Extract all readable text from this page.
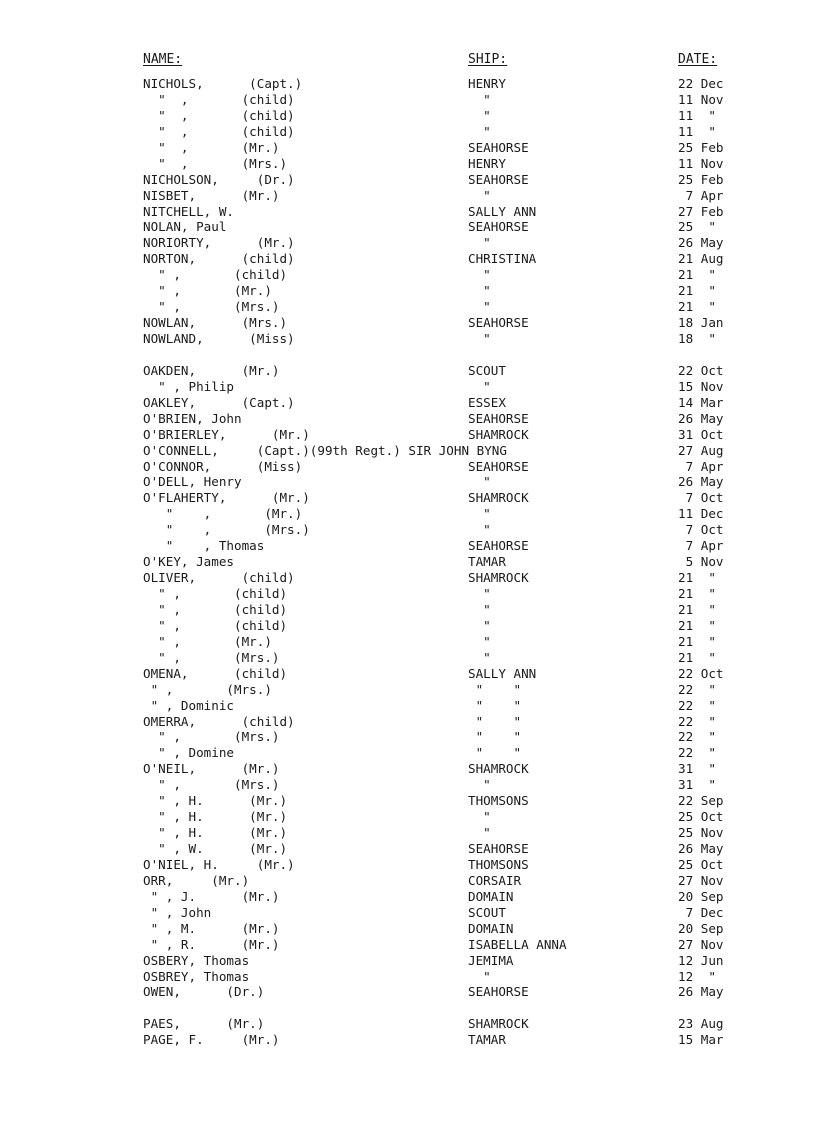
NAME:	SHIP:	DATE:
NICHOLS,      (Capt.)	HENRY	22 Dec
"  ,       (child)	"	11 Nov
"  ,       (child)	"	11  "
"  ,       (child)	"	11  "
"  ,       (Mr.)	SEAHORSE	25 Feb
"  ,       (Mrs.)	HENRY	11 Nov
NICHOLSON,     (Dr.)	SEAHORSE	25 Feb
NISBET,      (Mr.)	"	7 Apr
NITCHELL, W.	SALLY ANN	27 Feb
NOLAN, Paul	SEAHORSE	25  "
NORIORTY,      (Mr.)	"	26 May
NORTON,      (child)	CHRISTINA	21 Aug
" ,       (child)	"	21  "
" ,       (Mr.)	"	21  "
" ,       (Mrs.)	"	21  "
NOWLAN,      (Mrs.)	SEAHORSE	18 Jan
NOWLAND,      (Miss)	"	18  "
OAKDEN,      (Mr.)	SCOUT	22 Oct
" , Philip	"	15 Nov
OAKLEY,      (Capt.)	ESSEX	14 Mar
O'BRIEN, John	SEAHORSE	26 May
O'BRIERLEY,      (Mr.)	SHAMROCK	31 Oct
O'CONNELL,     (Capt.)(99th Regt.) SIR JOHN BYNG	27 Aug
O'CONNOR,      (Miss)	SEAHORSE	7 Apr
O'DELL, Henry	"	26 May
O'FLAHERTY,      (Mr.)	SHAMROCK	7 Oct
"    ,       (Mr.)	"	11 Dec
"    ,       (Mrs.)	"	7 Oct
"    , Thomas	SEAHORSE	7 Apr
O'KEY, James	TAMAR	5 Nov
OLIVER,      (child)	SHAMROCK	21  "
" ,       (child)	"	21  "
" ,       (child)	"	21  "
" ,       (child)	"	21  "
" ,       (Mr.)	"	21  "
" ,       (Mrs.)	"	21  "
OMENA,      (child)	SALLY ANN	22 Oct
" ,       (Mrs.)	"    "	22  "
" , Dominic	"    "	22  "
OMERRA,      (child)	"    "	22  "
" ,       (Mrs.)	"    "	22  "
" , Domine	"    "	22  "
O'NEIL,      (Mr.)	SHAMROCK	31  "
" ,       (Mrs.)	"	31  "
" , H.      (Mr.)	THOMSONS	22 Sep
" , H.      (Mr.)	"	25 Oct
" , H.      (Mr.)	"	25 Nov
" , W.      (Mr.)	SEAHORSE	26 May
O'NIEL, H.     (Mr.)	THOMSONS	25 Oct
ORR,     (Mr.)	CORSAIR	27 Nov
" , J.      (Mr.)	DOMAIN	20 Sep
" , John	SCOUT	7 Dec
" , M.      (Mr.)	DOMAIN	20 Sep
" , R.      (Mr.)	ISABELLA ANNA	27 Nov
OSBERY, Thomas	JEMIMA	12 Jun
OSBREY, Thomas	"	12  "
OWEN,      (Dr.)	SEAHORSE	26 May
PAES,      (Mr.)	SHAMROCK	23 Aug
PAGE, F.     (Mr.)	TAMAR	15 Mar
